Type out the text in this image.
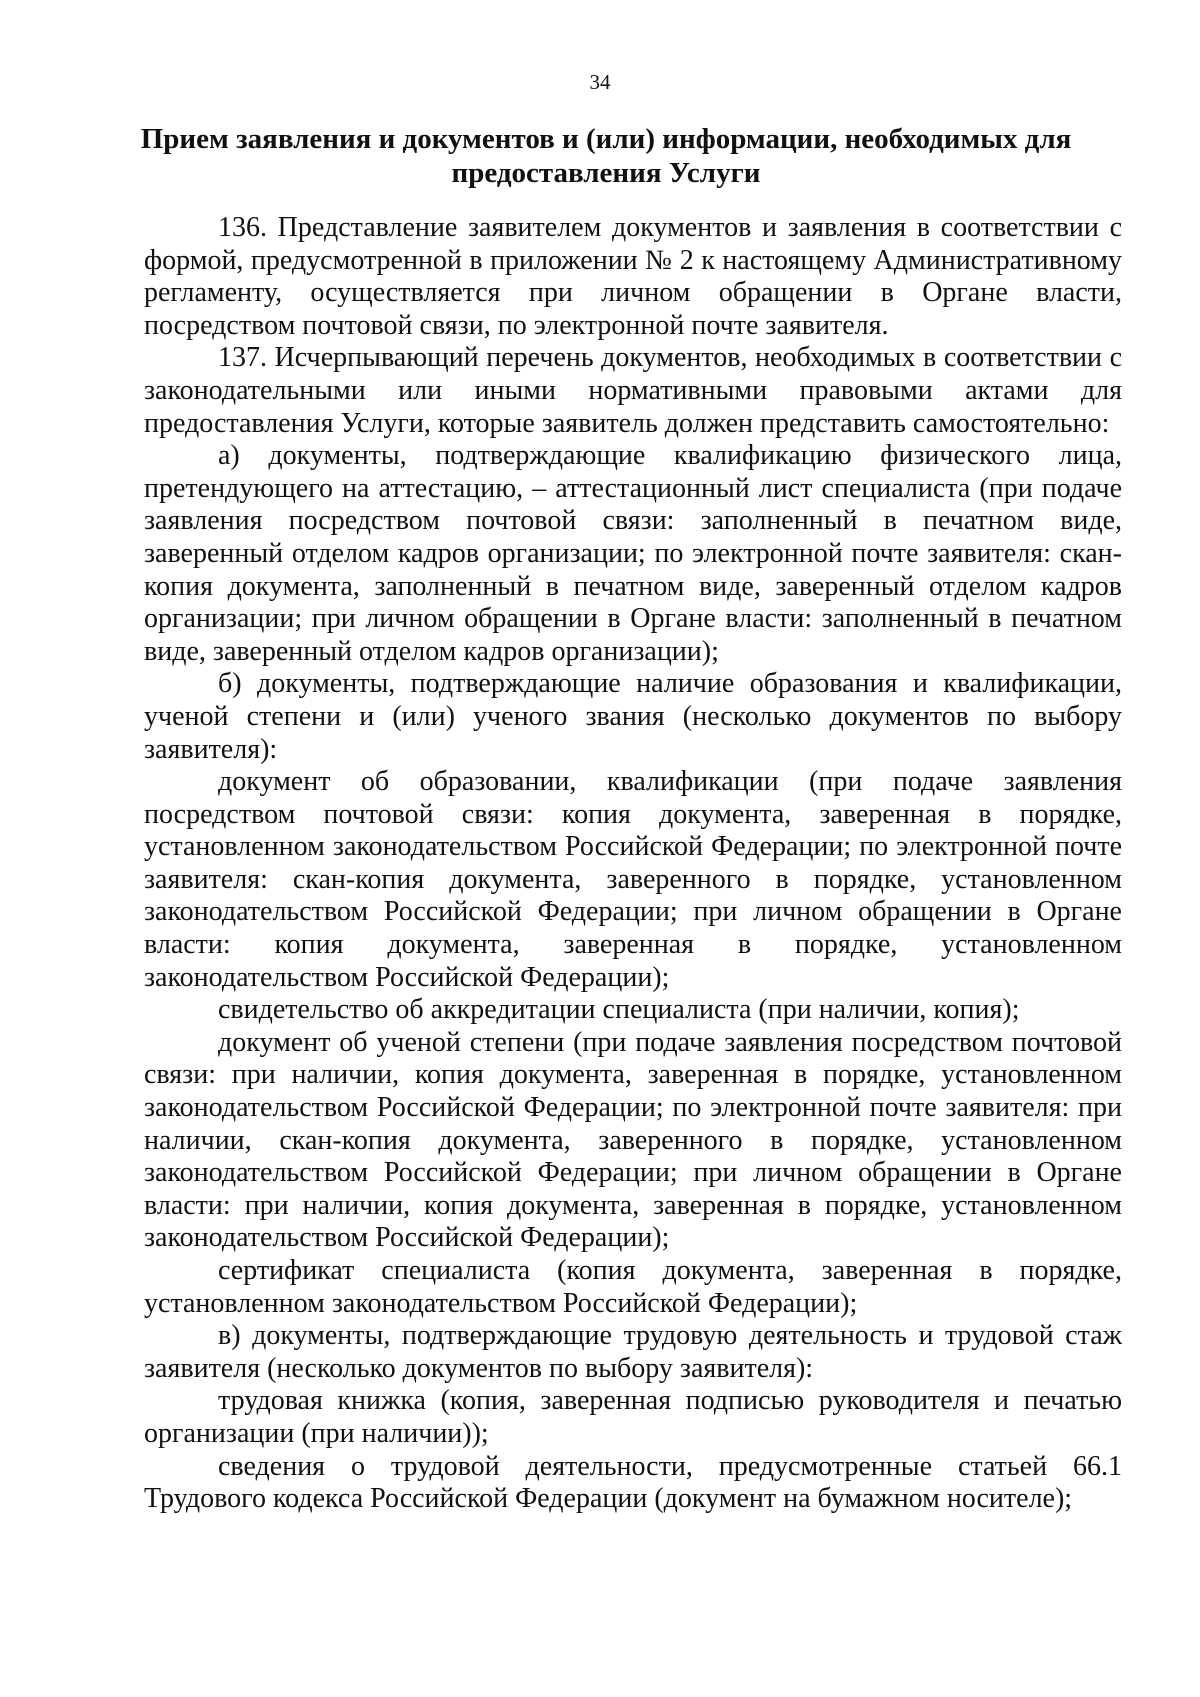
34
Прием заявления и документов и (или) информации, необходимых для
предоставления Услуги

136. Представление заявителем документов и заявления в соответствии с формой, предусмотренной в приложении № 2 к настоящему Административному регламенту, осуществляется при личном обращении в Органе власти, посредством почтовой связи, по электронной почте заявителя.

137. Исчерпывающий перечень документов, необходимых в соответствии с законодательными или иными нормативными правовыми актами для предоставления Услуги, которые заявитель должен представить самостоятельно:

а) документы, подтверждающие квалификацию физического лица, претендующего на аттестацию, – аттестационный лист специалиста (при подаче заявления посредством почтовой связи: заполненный в печатном виде, заверенный отделом кадров организации; по электронной почте заявителя: скан-копия документа, заполненный в печатном виде, заверенный отделом кадров организации; при личном обращении в Органе власти: заполненный в печатном виде, заверенный отделом кадров организации);

б) документы, подтверждающие наличие образования и квалификации, ученой степени и (или) ученого звания (несколько документов по выбору заявителя):

документ об образовании, квалификации (при подаче заявления посредством почтовой связи: копия документа, заверенная в порядке, установленном законодательством Российской Федерации; по электронной почте заявителя: скан-копия документа, заверенного в порядке, установленном законодательством Российской Федерации; при личном обращении в Органе власти: копия документа, заверенная в порядке, установленном законодательством Российской Федерации);

свидетельство об аккредитации специалиста (при наличии, копия);

документ об ученой степени (при подаче заявления посредством почтовой связи: при наличии, копия документа, заверенная в порядке, установленном законодательством Российской Федерации; по электронной почте заявителя: при наличии, скан-копия документа, заверенного в порядке, установленном законодательством Российской Федерации; при личном обращении в Органе власти: при наличии, копия документа, заверенная в порядке, установленном законодательством Российской Федерации);

сертификат специалиста (копия документа, заверенная в порядке, установленном законодательством Российской Федерации);

в) документы, подтверждающие трудовую деятельность и трудовой стаж заявителя (несколько документов по выбору заявителя):

трудовая книжка (копия, заверенная подписью руководителя и печатью организации (при наличии));

сведения о трудовой деятельности, предусмотренные статьей 66.1 Трудового кодекса Российской Федерации (документ на бумажном носителе);
